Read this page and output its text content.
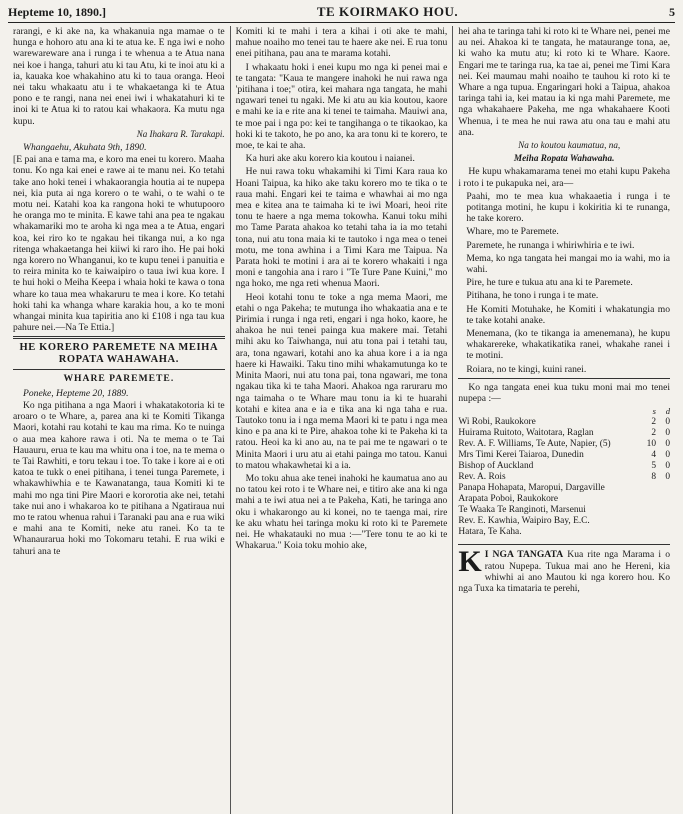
Hepteme 10, 1890.]	TE KOIRMAKO HOU.	5

rarangi, e ki ake na, ka whakanuia nga mamae o te hunga e hohoro atu ana ki te atua ke. E nga iwi e noho warewareware ana i runga i te whenua a te Atua nana nei koe i hanga, tahuri atu ki tau Atu, ki te inoi atu ki a ia, kauaka koe whakahino atu ki to taua oranga. Heoi nei taku whakaatu atu i te whakaetanga ki te Atua pono e te rangi, nana nei enei iwi i whakatahuri ki te inoi ki te Atua ki to ratou kai whakaora. Ka mutu nga kupu.

Na Ihakara R. Tarakapi.
Whangaehu, Akuhata 9th, 1890.

[E pai ana e tama ma, e koro ma enei tu korero. Maaha tonu. Ko nga kai enei e rawe ai te manu nei. Ko tetahi take ano hoki tenei i whakaorangia houtia ai te nupepa nei, kia puta ai nga korero o te wahi, o te wahi o te motu nei. Katahi koa ka rangona hoki te whutupooro he oranga mo te minita. E kawe tahi ana pea te ngakau whakamariki mo te aroha ki nga mea a te Atua, engari koa, kei riro ko te ngakau hei tikanga nui, a ko nga ritenga whakaetanga hei kiiwi ki raro iho. He pai hoki nga korero no Whanganui, ko te kupu tenei i panuitia e to reira minita ko te kaiwaipiro o taua iwi kua kore. I te hui hoki o Meiha Keepa i whaia hoki te kawa o tona whare ko taua mea whakaruru te mea i kore. Ko tetahi hoki tahi ka whanga whare karakia hou, a ko te moni whangai minita kua tapiritia ano ki £108 i nga tau kua pahure nei.—Na Te Ettia.]

HE KORERO PAREMETE NA MEIHA ROPATA WAHAWAHA.
WHARE PAREMETE.
Poneke, Hepteme 20, 1889.

Ko nga pitihana a nga Maori i whakatakotoria ki te aroaro o te Whare, a, parea ana ki te Komiti Tikanga Maori, kotahi rau kotahi te kau ma rima. Ko te nuinga o aua mea kahore rawa i oti. Na te mema o te Tai Hauauru, erua te kau ma whitu ona i toe, na te mema o te Tai Rawhiti, e toru tekau i toe. To take i kore ai e oti katoa te tukk o enei pitihana, i tenei tunga Paremete, i whakawhiwhia e te Kawanatanga, taua Komiti ki te mahi mo nga tini Pire Maori e kororotia ake nei, tetahi take nui ano i whakaroa ko te pitihana a Ngatiraua nui mo te ratou whenua rahui i Taranaki pau ana e rua wiki e mahi ana te Komiti, neke atu ranei. Ko ta te Whanaurarua hoki mo Tokomaru tetahi. E rua wiki e tahuri ana te

Komiti ki te mahi i tera a kihai i oti ake te mahi, mahue noaiho mo tenei tau te haere ake nei. E rua tonu enei pitihana, pau ana te marama kotahi.

I whakaatu hoki i enei kupu mo nga ki penei mai e te tangata: "Kaua te mangere inahoki he nui rawa nga 'pitihana i toe;" otira, kei mahara nga tangata, he mahi ngawari tenei tu ngaki. Me ki atu au kia koutou, kaore e mahi ke ia e rite ana ki tenei te taimaha. Mauiwi ana, te moe pai i nga po: kei te tangihanga o te tikaokao, ka hoki ki te takoto, he po ano, ka ara tonu ki te korero, te moe, te kai te aha.

Ka huri ake aku korero kia koutou i naianei.

He nui rawa toku whakamihi ki Timi Kara raua ko Hoani Taipua, ka hiko ake taku korero mo te tika o te raua mahi. Engari kei te taima e whawhai ai mo nga mea e kitea ana te taimaha ki te iwi Moari, heoi rite tonu te haere a nga mema tokowha. Kanui toku mihi mo Tame Parata ahakoa ko tetahi taha ia ia mo tetahi tona, nui atu tona maia ki te tautoko i nga mea o tenei motu, me tona awhina i a Timi Kara me Taipua. Na Parata hoki te motini i ara ai te korero whakaiti i nga moni e tangohia ana i raro i "Te Ture Pane Kuini," mo nga hoko, me nga reti whenua Maori.

Heoi kotahi tonu te toke a nga mema Maori, me etahi o nga Pakeha; te mutunga iho whakaatia ana e te Pirimia i runga i nga reti, engari i nga hoko, kaore, he ahakoa he nui tenei painga kua makere mai. Tetahi mihi aku ko Taiwhanga, nui atu tona pai i tetahi tau, ara, tona ngawari, kotahi ano ka ahua kore i a ia nga haere ki Hawaiki. Taku tino mihi whakamutunga ko te Minita Maori, nui atu tona pai, tona ngawari, me tona ngakau tika ki te taha Maori. Ahakoa nga raruraru mo nga taimaha o te Whare mau tonu ia ki te huarahi kotahi e kitea ana e ia e tika ana ki nga taha e rua. Tautoko tonu ia i nga mema Maori ki te patu i nga mea kino e pa ana ki te Pire, ahakoa tohe ki te Pakeha ki ta ratou. Heoi ka ki ano au, na te pai me te ngawari o te Minita Maori i uru atu ai etahi painga mo tatou. Kanui to matou whakawhetai ki a ia.

Mo toku ahua ake tenei inahoki he kaumatua ano au no tatou kei roto i te Whare nei, e titiro ake ana ki nga mahi a te iwi atua nei a te Pakeha, Kati, he taringa ano oku i whakarongo au ki konei, no te taenga mai, rire ke aku whatu hei taringa moku ki roto ki te Paremete nei. He whakatauki no mua :—"Tere tonu te ao ki te Whakarua." Koia toku mohio ake,

hei aha te taringa tahi ki roto ki te Whare nei, penei me au nei. Ahakoa ki te tangata, he mataurange tona, ae, ki waho ka mutu atu; ki roto ki te Whare. Kaore. Engari me te taringa rua, ka tae ai, penei me Timi Kara nei. Kei maumau mahi noaiho te tauhou ki roto ki te Whare a nga tupua. Engaringari hoki a Taipua, ahakoa taringa tahi ia, kei matau ia ki nga mahi Paremete, me nga whakahaere Pakeha, me nga whakahaere Kooti Whenua, i te mea he nui rawa atu ona tau e mahi atu ana.

Na to koutou kaumatua, na,

Meiha Ropata Wahawaha.

He kupu whakamarama tenei mo etahi kupu Pakeha i roto i te pukapuka nei, ara—

Paahi, mo te mea kua whakaaetia i runga i te potitanga motini, he kupu i kokiritia ki te runanga, he take korero.

Whare, mo te Paremete.

Paremete, he runanga i whiriwhiria e te iwi.

Mema, ko nga tangata hei mangai mo ia wahi, mo ia wahi.

Pire, he ture e tukua atu ana ki te Paremete.

Pitihana, he tono i runga i te mate.

He Komiti Motuhake, he Komiti i whakatungia mo te take kotahi anake.

Menemana, (ko te tikanga ia amenemana), he kupu whakarereke, whakatikatika ranei, whakahe ranei i te motini.

Roiara, no te kingi, kuini ranei.

Ko nga tangata enei kua tuku moni mai mo tenei nupepa :—

	s	d
Wi Robi, Raukokore	2	0
Huirama Ruitoto, Waitotara, Raglan	2	0
Rev. A. F. Williams, Te Aute, Napier, (5)	10	0
Mrs Timi Kerei Taiaroa, Dunedin	4	0
Bishop of Auckland	5	0
Rev. A. Rois	8	0
Panapa Hohapata, Maropui, Dargaville		
Arapata Poboi, Raukokore		
Te Waaka Te Ranginoti, Marsenui		
Rev. E. Kawhia, Waipiro Bay, E.C.		
Hatara, Te Kaha.		
K I NGA TANGATA Kua rite nga Marama i o ratou Nupepa. Tukua mai ano he Hereni, kia whiwhi ai ano Mautou ki nga korero hou. Ko nga Tuxa ka timataria te perehi,
